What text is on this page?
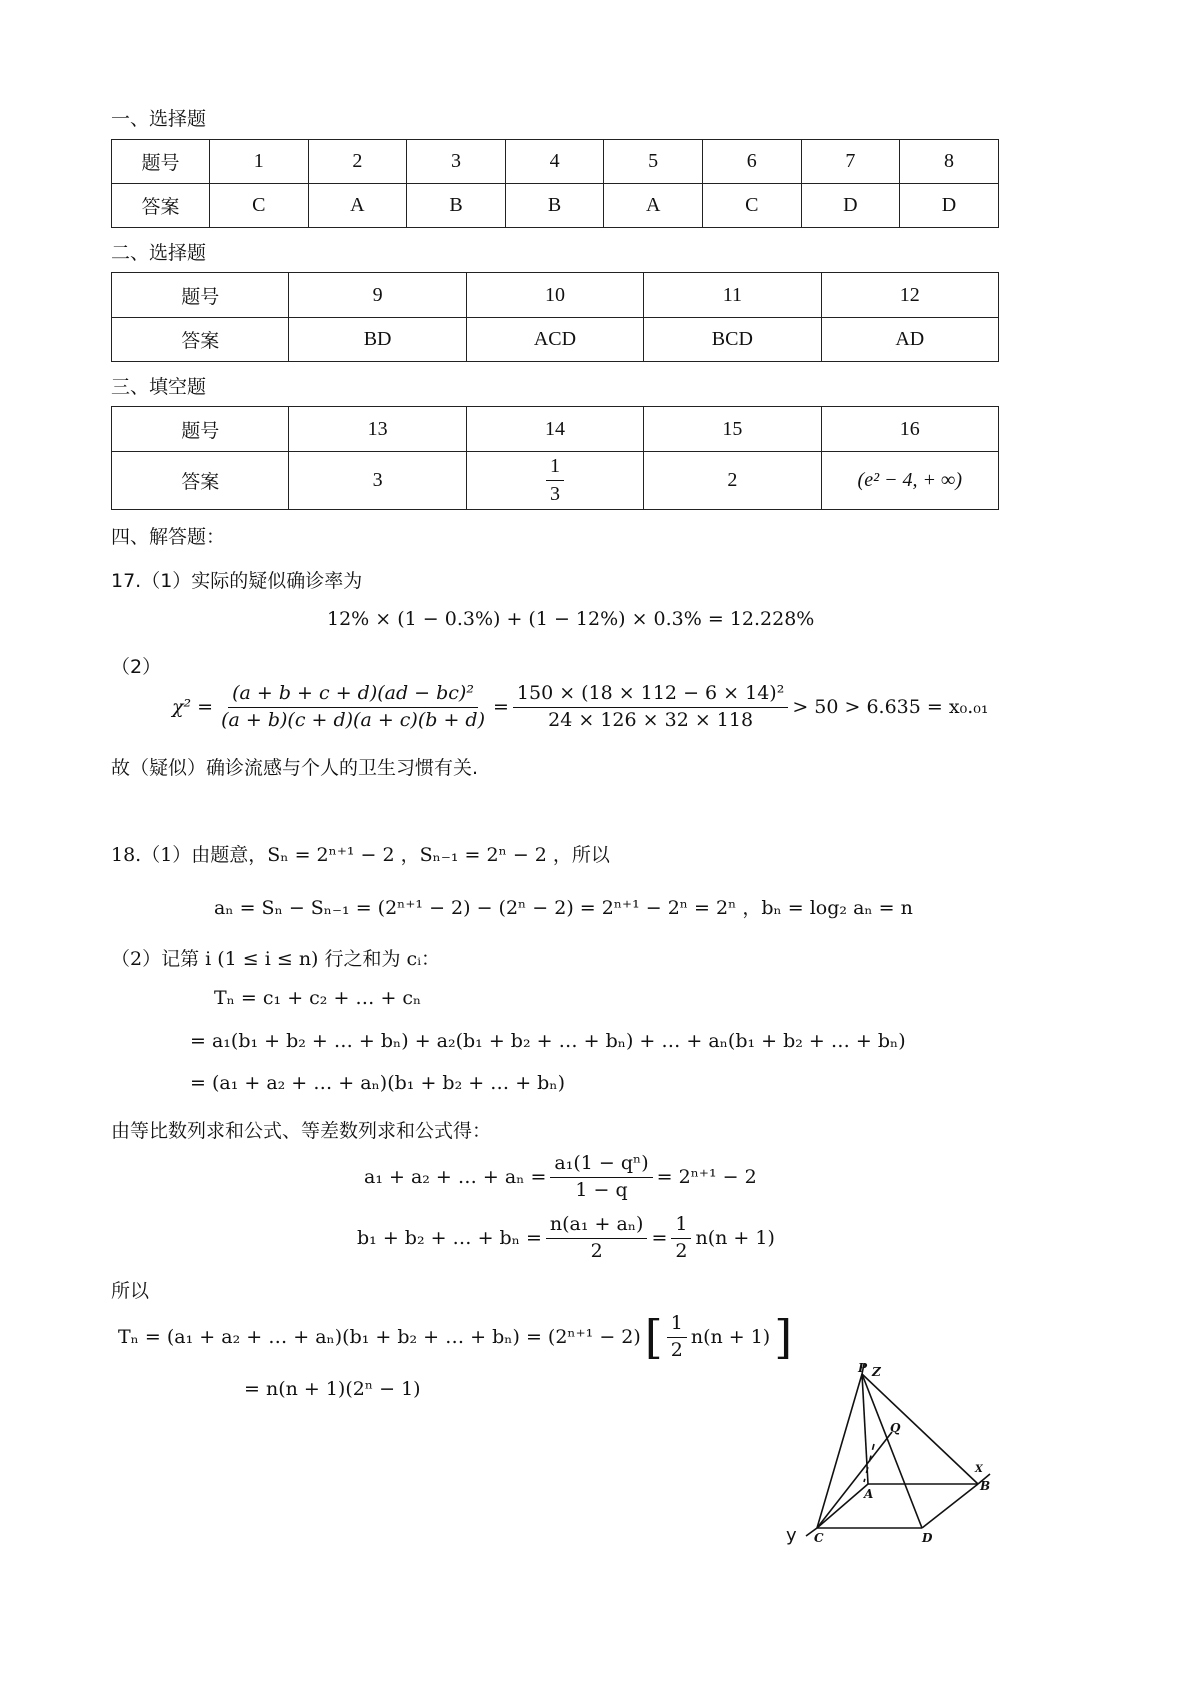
一、选择题
题号	1	2	3	4	5	6	7	8
答案	C	A	B	B	A	C	D	D
二、选择题
题号	9	10	11	12
答案	BD	ACD	BCD	AD
三、填空题
题号	13	14	15	16
答案	3	$\frac{1}{3}$	2	(e² − 4, + ∞)
四、解答题：
17.（1）实际的疑似确诊率为
12% × (1 − 0.3%) + (1 − 12%) × 0.3% = 12.228%
（2）
$\chi^2 = \frac{\text{(a + b + c + d)(ad − bc)²}}{(a + b)(c + d)(a + c)(b + d)} = \frac{\text{150 × (18 × 112 − 6 × 14)²}}{24 \times 126 \times 32 \times 118} > 50 > 6.635 = x_0._{01}$
故（疑似）确诊流感与个人的卫生习惯有关.
18.（1）由题意，Sₙ = 2ⁿ⁺¹ − 2 ，Sₙ₋₁ = 2ⁿ − 2 ，所以
aₙ = Sₙ − Sₙ₋₁ = (2ⁿ⁺¹ − 2) − (2ⁿ − 2) = 2ⁿ⁺¹ − 2ⁿ = 2ⁿ ，bₙ = log₂ aₙ = n
（2）记第 i (1 ≤ i ≤ n) 行之和为 cᵢ：
Tₙ = c₁ + c₂ + … + cₙ
= a₁(b₁ + b₂ + … + bₙ) + a₂(b₁ + b₂ + … + bₙ) + … + aₙ(b₁ + b₂ + … + bₙ)
= (a₁ + a₂ + … + aₙ)(b₁ + b₂ + … + bₙ)
由等比数列求和公式、等差数列求和公式得：
a₁ + a₂ + … + $a_n = \frac{\text{a₁(1 − qⁿ)}}{1 - q} = 2^{n+1} - 2$
b₁ + b₂ + … + $b_n = \frac{\text{n(a₁ + aₙ)}}{2} = \frac{1}{2} n(n + 1)$
所以
Tₙ = (a₁ + a₂ + … + aₙ)(b₁ + b₂ + … + bₙ) = (2ⁿ⁺¹ − 2) [ $\frac{1}{2} n(n + 1)$ ]
= n(n + 1)(2ⁿ − 1)
P Z
Q
A
B
X
C	D
y
